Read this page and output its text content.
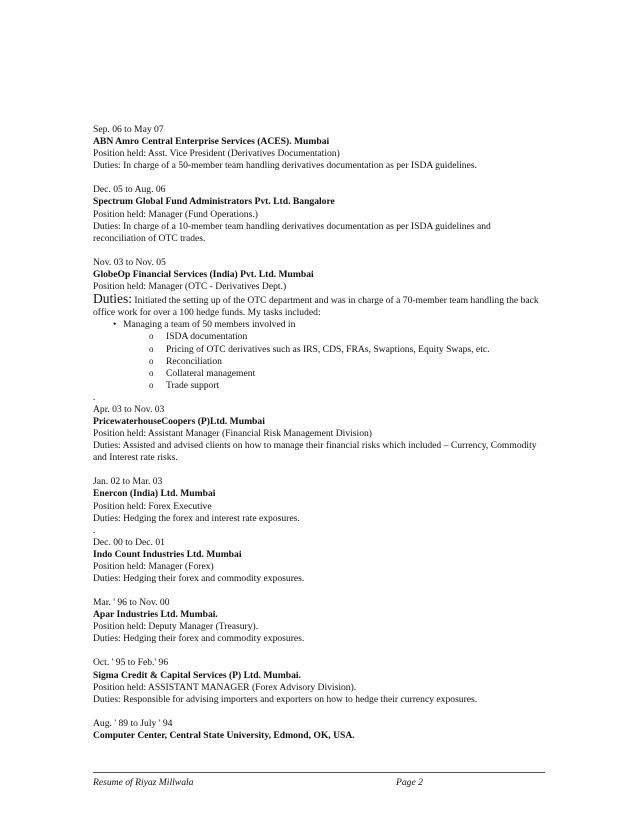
Sep. 06 to May 07
ABN Amro Central Enterprise Services (ACES). Mumbai
Position held: Asst. Vice President (Derivatives Documentation)
Duties: In charge of a 50-member team handling derivatives documentation as per ISDA guidelines.
Dec. 05 to Aug. 06
Spectrum Global Fund Administrators Pvt. Ltd. Bangalore
Position held: Manager (Fund Operations.)
Duties: In charge of a 10-member team handling derivatives documentation as per ISDA guidelines and reconciliation of OTC trades.
Nov. 03 to Nov. 05
GlobeOp Financial Services (India) Pvt. Ltd. Mumbai
Position held: Manager (OTC - Derivatives Dept.)
Duties: Initiated the setting up of the OTC department and was in charge of a 70-member team handling the back office work for over a 100 hedge funds. My tasks included:
• Managing a team of 50 members involved in
o ISDA documentation
o Pricing of OTC derivatives such as IRS, CDS, FRAs, Swaptions, Equity Swaps, etc.
o Reconciliation
o Collateral management
o Trade support
.
Apr. 03 to Nov. 03
PricewaterhouseCoopers (P)Ltd. Mumbai
Position held: Assistant Manager (Financial Risk Management Division)
Duties: Assisted and advised clients on how to manage their financial risks which included – Currency, Commodity and Interest rate risks.
Jan. 02 to Mar. 03
Enercon (India) Ltd. Mumbai
Position held: Forex Executive
Duties: Hedging the forex and interest rate exposures.
.
Dec. 00 to Dec. 01
Indo Count Industries Ltd. Mumbai
Position held: Manager (Forex)
Duties: Hedging their forex and commodity exposures.
Mar. ' 96 to Nov. 00
Apar Industries Ltd. Mumbai.
Position held: Deputy Manager (Treasury).
Duties: Hedging their forex and commodity exposures.
Oct. ' 95 to Feb.' 96
Sigma Credit & Capital Services (P) Ltd. Mumbai.
Position held: ASSISTANT MANAGER (Forex Advisory Division).
Duties: Responsible for advising importers and exporters on how to hedge their currency exposures.
Aug. ' 89 to July ' 94
Computer Center, Central State University, Edmond, OK, USA.
Resume of Riyaz Millwala	Page 2
